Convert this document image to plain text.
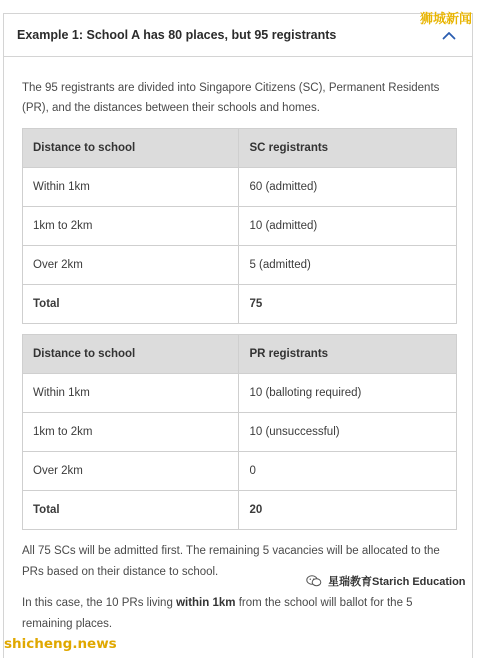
Example 1: School A has 80 places, but 95 registrants
狮城新闻

The 95 registrants are divided into Singapore Citizens (SC), Permanent Residents (PR), and the distances between their schools and homes.

Distance to school	SC registrants
Within 1km	60 (admitted)
1km to 2km	10 (admitted)
Over 2km	5 (admitted)
Total	75
Distance to school	PR registrants
Within 1km	10 (balloting required)
1km to 2km	10 (unsuccessful)
Over 2km	0
Total	20

All 75 SCs will be admitted first. The remaining 5 vacancies will be allocated to the PRs based on their distance to school.

In this case, the 10 PRs living within 1km from the school will ballot for the 5 remaining places.

星瑞教育Starich Education
shicheng.news
